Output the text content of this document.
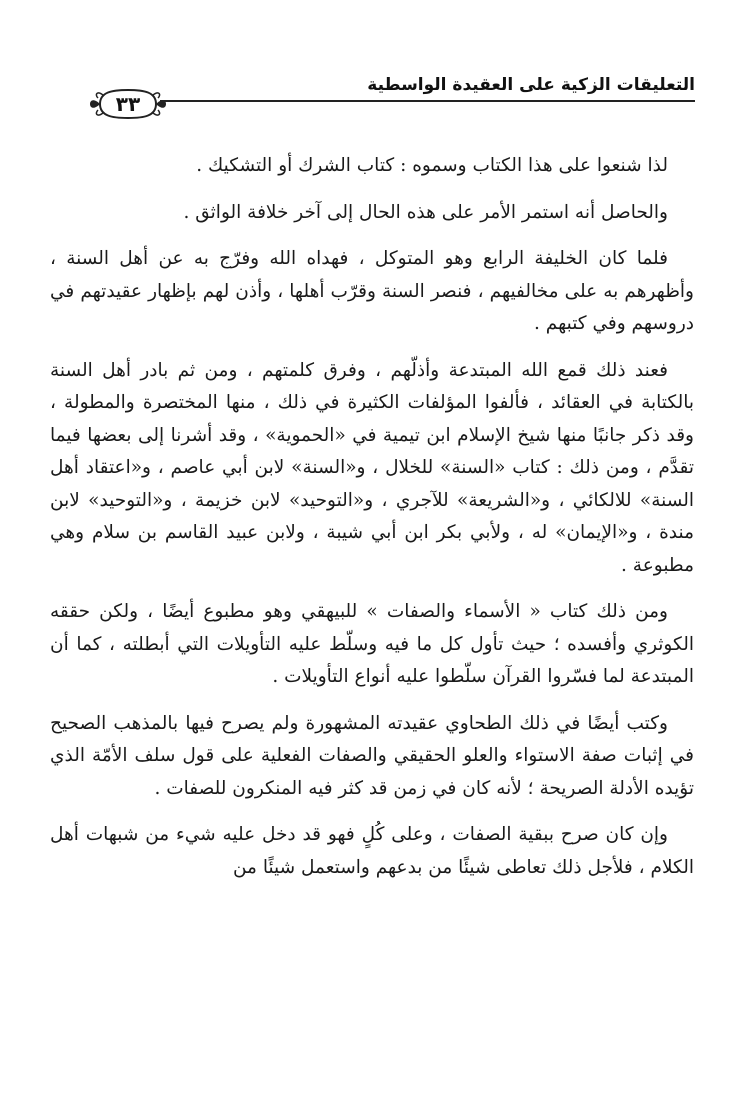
التعليقات الزكية على العقيدة الواسطية
٣٣

لذا شنعوا على هذا الكتاب وسموه : كتاب الشرك أو التشكيك .

والحاصل أنه استمر الأمر على هذه الحال إلى آخر خلافة الواثق .

فلما كان الخليفة الرابع وهو المتوكل ، فهداه الله وفرّج به عن أهل السنة ، وأظهرهم به على مخالفيهم ، فنصر السنة وقرّب أهلها ، وأذن لهم بإظهار عقيدتهم في دروسهم وفي كتبهم .

فعند ذلك قمع الله المبتدعة وأذلّهم ، وفرق كلمتهم ، ومن ثم بادر أهل السنة بالكتابة في العقائد ، فألفوا المؤلفات الكثيرة في ذلك ، منها المختصرة والمطولة ، وقد ذكر جانبًا منها شيخ الإسلام ابن تيمية في «الحموية» ، وقد أشرنا إلى بعضها فيما تقدَّم ، ومن ذلك : كتاب «السنة» للخلال ، و«السنة» لابن أبي عاصم ، و«اعتقاد أهل السنة» للالكائي ، و«الشريعة» للآجري ، و«التوحيد» لابن خزيمة ، و«التوحيد» لابن مندة ، و«الإيمان» له ، ولأبي بكر ابن أبي شيبة ، ولابن عبيد القاسم بن سلام وهي مطبوعة .

ومن ذلك كتاب « الأسماء والصفات » للبيهقي وهو مطبوع أيضًا ، ولكن حققه الكوثري وأفسده ؛ حيث تأول كل ما فيه وسلّط عليه التأويلات التي أبطلته ، كما أن المبتدعة لما فسّروا القرآن سلّطوا عليه أنواع التأويلات .

وكتب أيضًا في ذلك الطحاوي عقيدته المشهورة ولم يصرح فيها بالمذهب الصحيح في إثبات صفة الاستواء والعلو الحقيقي والصفات الفعلية على قول سلف الأمّة الذي تؤيده الأدلة الصريحة ؛ لأنه كان في زمن قد كثر فيه المنكرون للصفات .

وإن كان صرح ببقية الصفات ، وعلى كُلٍ فهو قد دخل عليه شيء من شبهات أهل الكلام ، فلأجل ذلك تعاطى شيئًا من بدعهم واستعمل شيئًا من
